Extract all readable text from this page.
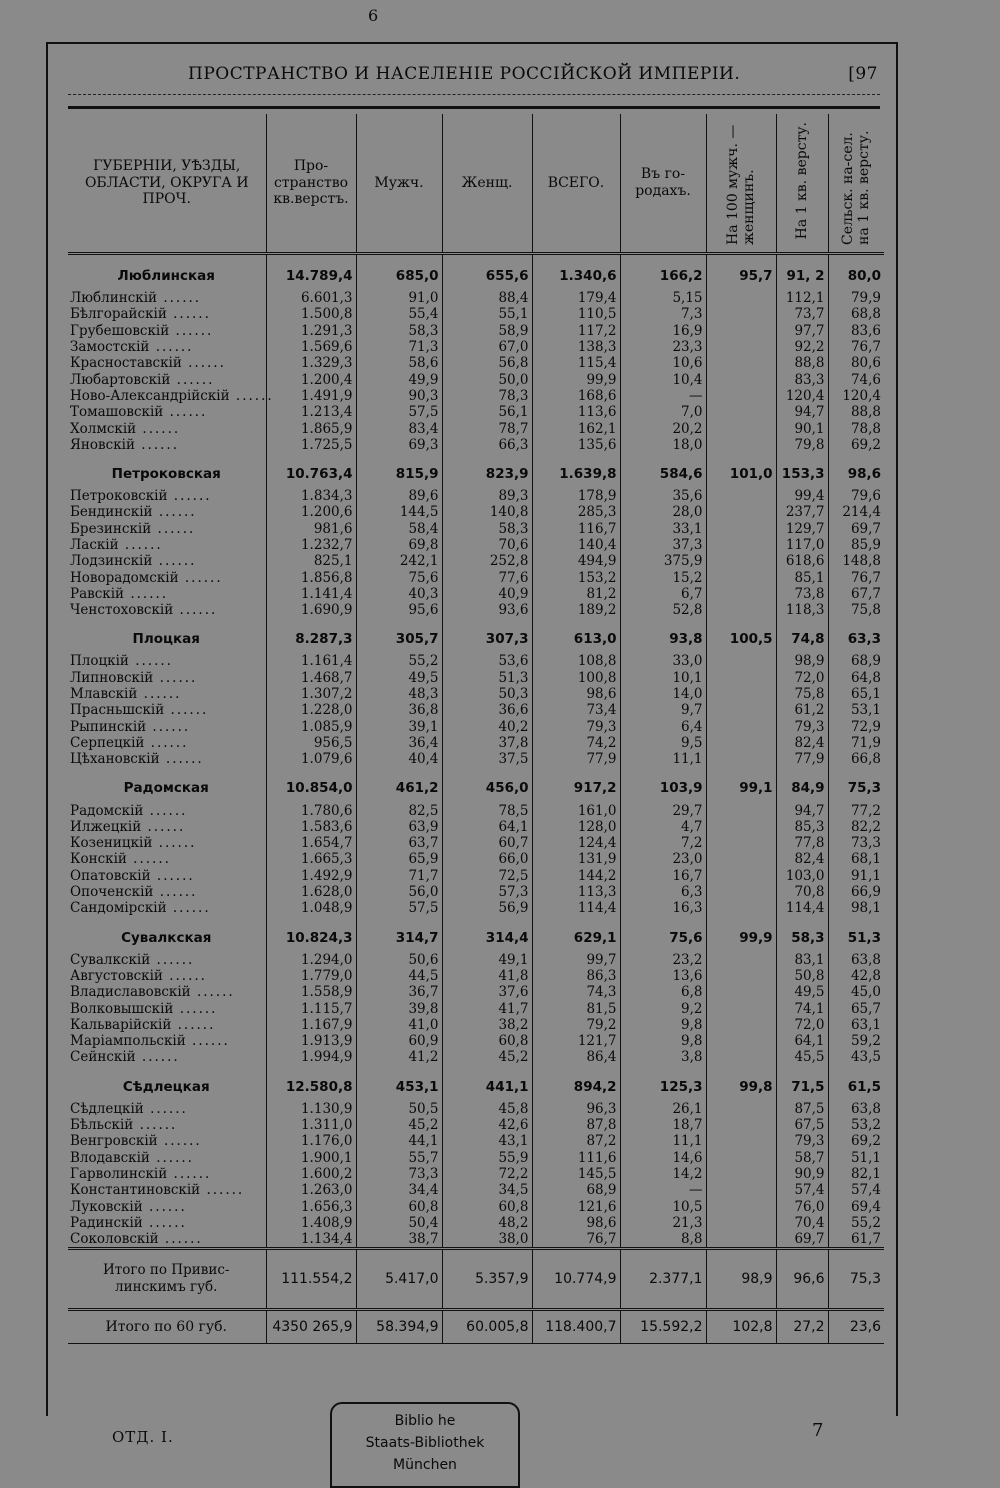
6
ПРОСТРАНСТВО И НАСЕЛЕНІЕ РОССІЙСКОЙ ИМПЕРІИ.	[97
ГУБЕРНІИ, УѢЗДЫ, ОБЛАСТИ, ОКРУГА И ПРОЧ.	Про-странство кв.верстъ.	Мужч.	Женщ.	ВСЕГО.	Въ го-родахъ.	На 100 мужч. — женщинъ.	На 1 кв. версту.	Сельск. на-сел. на 1 кв. версту.
Люблинская	14.789,4	685,0	655,6	1.340,6	166,2	95,7	91, 2	80,0
Люблинскій ......	6.601,3	91,0	88,4	179,4	5,15		112,1	79,9
Бѣлгорайскій ......	1.500,8	55,4	55,1	110,5	7,3		73,7	68,8
Грубешовскій ......	1.291,3	58,3	58,9	117,2	16,9		97,7	83,6
Замостскій ......	1.569,6	71,3	67,0	138,3	23,3		92,2	76,7
Красноставскій ......	1.329,3	58,6	56,8	115,4	10,6		88,8	80,6
Любартовскій ......	1.200,4	49,9	50,0	99,9	10,4		83,3	74,6
Ново-Александрійскій ......	1.491,9	90,3	78,3	168,6	—		120,4	120,4
Томашовскій ......	1.213,4	57,5	56,1	113,6	7,0		94,7	88,8
Холмскій ......	1.865,9	83,4	78,7	162,1	20,2		90,1	78,8
Яновскій ......	1.725,5	69,3	66,3	135,6	18,0		79,8	69,2
Петроковская	10.763,4	815,9	823,9	1.639,8	584,6	101,0	153,3	98,6
Петроковскій ......	1.834,3	89,6	89,3	178,9	35,6		99,4	79,6
Бендинскій ......	1.200,6	144,5	140,8	285,3	28,0		237,7	214,4
Брезинскій ......	981,6	58,4	58,3	116,7	33,1		129,7	69,7
Ласкій ......	1.232,7	69,8	70,6	140,4	37,3		117,0	85,9
Лодзинскій ......	825,1	242,1	252,8	494,9	375,9		618,6	148,8
Новорадомскій ......	1.856,8	75,6	77,6	153,2	15,2		85,1	76,7
Равскій ......	1.141,4	40,3	40,9	81,2	6,7		73,8	67,7
Ченстоховскій ......	1.690,9	95,6	93,6	189,2	52,8		118,3	75,8
Плоцкая	8.287,3	305,7	307,3	613,0	93,8	100,5	74,8	63,3
Плоцкій ......	1.161,4	55,2	53,6	108,8	33,0		98,9	68,9
Липновскій ......	1.468,7	49,5	51,3	100,8	10,1		72,0	64,8
Млавскій ......	1.307,2	48,3	50,3	98,6	14,0		75,8	65,1
Прасньшскій ......	1.228,0	36,8	36,6	73,4	9,7		61,2	53,1
Рыпинскій ......	1.085,9	39,1	40,2	79,3	6,4		79,3	72,9
Серпецкій ......	956,5	36,4	37,8	74,2	9,5		82,4	71,9
Цѣхановскій ......	1.079,6	40,4	37,5	77,9	11,1		77,9	66,8
Радомская	10.854,0	461,2	456,0	917,2	103,9	99,1	84,9	75,3
Радомскій ......	1.780,6	82,5	78,5	161,0	29,7		94,7	77,2
Илжецкій ......	1.583,6	63,9	64,1	128,0	4,7		85,3	82,2
Козеницкій ......	1.654,7	63,7	60,7	124,4	7,2		77,8	73,3
Конскій ......	1.665,3	65,9	66,0	131,9	23,0		82,4	68,1
Опатовскій ......	1.492,9	71,7	72,5	144,2	16,7		103,0	91,1
Опоченскій ......	1.628,0	56,0	57,3	113,3	6,3		70,8	66,9
Сандомірскій ......	1.048,9	57,5	56,9	114,4	16,3		114,4	98,1
Сувалкская	10.824,3	314,7	314,4	629,1	75,6	99,9	58,3	51,3
Сувалкскій ......	1.294,0	50,6	49,1	99,7	23,2		83,1	63,8
Августовскій ......	1.779,0	44,5	41,8	86,3	13,6		50,8	42,8
Владиславовскій ......	1.558,9	36,7	37,6	74,3	6,8		49,5	45,0
Волковышскій ......	1.115,7	39,8	41,7	81,5	9,2		74,1	65,7
Кальварійскій ......	1.167,9	41,0	38,2	79,2	9,8		72,0	63,1
Маріампольскій ......	1.913,9	60,9	60,8	121,7	9,8		64,1	59,2
Сейнскій ......	1.994,9	41,2	45,2	86,4	3,8		45,5	43,5
Сѣдлецкая	12.580,8	453,1	441,1	894,2	125,3	99,8	71,5	61,5
Сѣдлецкій ......	1.130,9	50,5	45,8	96,3	26,1		87,5	63,8
Бѣльскій ......	1.311,0	45,2	42,6	87,8	18,7		67,5	53,2
Венгровскій ......	1.176,0	44,1	43,1	87,2	11,1		79,3	69,2
Влодавскій ......	1.900,1	55,7	55,9	111,6	14,6		58,7	51,1
Гарволинскій ......	1.600,2	73,3	72,2	145,5	14,2		90,9	82,1
Константиновскій ......	1.263,0	34,4	34,5	68,9	—		57,4	57,4
Луковскій ......	1.656,3	60,8	60,8	121,6	10,5		76,0	69,4
Радинскій ......	1.408,9	50,4	48,2	98,6	21,3		70,4	55,2
Соколовскій ......	1.134,4	38,7	38,0	76,7	8,8		69,7	61,7
Итого по Привис-линскимъ губ.	111.554,2	5.417,0	5.357,9	10.774,9	2.377,1	98,9	96,6	75,3
Итого по 60 губ.	4350 265,9	58.394,9	60.005,8	118.400,7	15.592,2	102,8	27,2	23,6
ОТД. I.	7
Biblio he
Staats-Bibliothek
München
